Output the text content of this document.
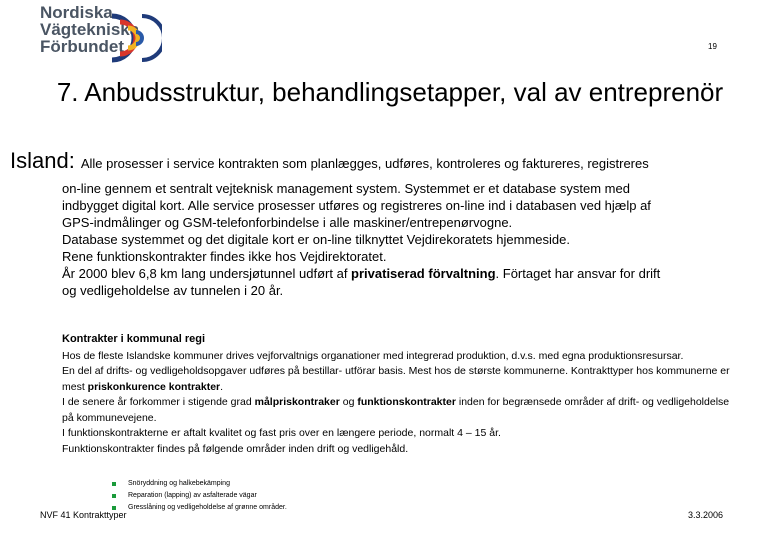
Nordiska
Vägtekniska
Förbundet	19
7. Anbudsstruktur, behandlingsetapper, val av entreprenör
Island: Alle prosesser i service kontrakten som planlægges, udføres, kontroleres og faktureres, registreres

on-line gennem et sentralt vejteknisk management system. Systemmet er et database system med

indbygget digital kort. Alle service prosesser utføres og registreres on-line ind i databasen ved hjælp af

GPS-indmålinger og GSM-telefonforbindelse i alle maskiner/entrepenørvogne.

Database systemmet og det digitale kort er on-line tilknyttet Vejdirekoratets hjemmeside.

Rene funktionskontrakter findes ikke hos Vejdirektoratet.

År 2000 blev 6,8 km lang undersjøtunnel udført af privatiserad förvaltning. Förtaget har ansvar for drift

og vedligeholdelse av tunnelen i 20 år.

Kontrakter i kommunal regi

Hos de fleste Islandske kommuner drives vejforvaltnigs organationer med integrerad produktion, d.v.s. med egna produktionsresursar.

En del af drifts- og vedligeholdsopgaver udføres på bestillar- utförar basis. Mest hos de største kommunerne. Kontrakttyper hos kommunerne er mest priskonkurence kontrakter.

I de senere år forkommer i stigende grad målpriskontraker og funktionskontrakter inden for begrænsede områder af drift- og vedligeholdelse på kommunevejene.

I funktionskontrakterne er aftalt kvalitet og fast pris over en længere periode, normalt 4 – 15 år.

Funktionskontrakter findes på følgende områder inden drift og vedligehåld.

Snöryddning og halkebekämping
Reparation (lapping) av asfalterade vägar
Gresslåning og vedligeholdelse af grønne områder.
NVF 41 Kontrakttyper	3.3.2006
